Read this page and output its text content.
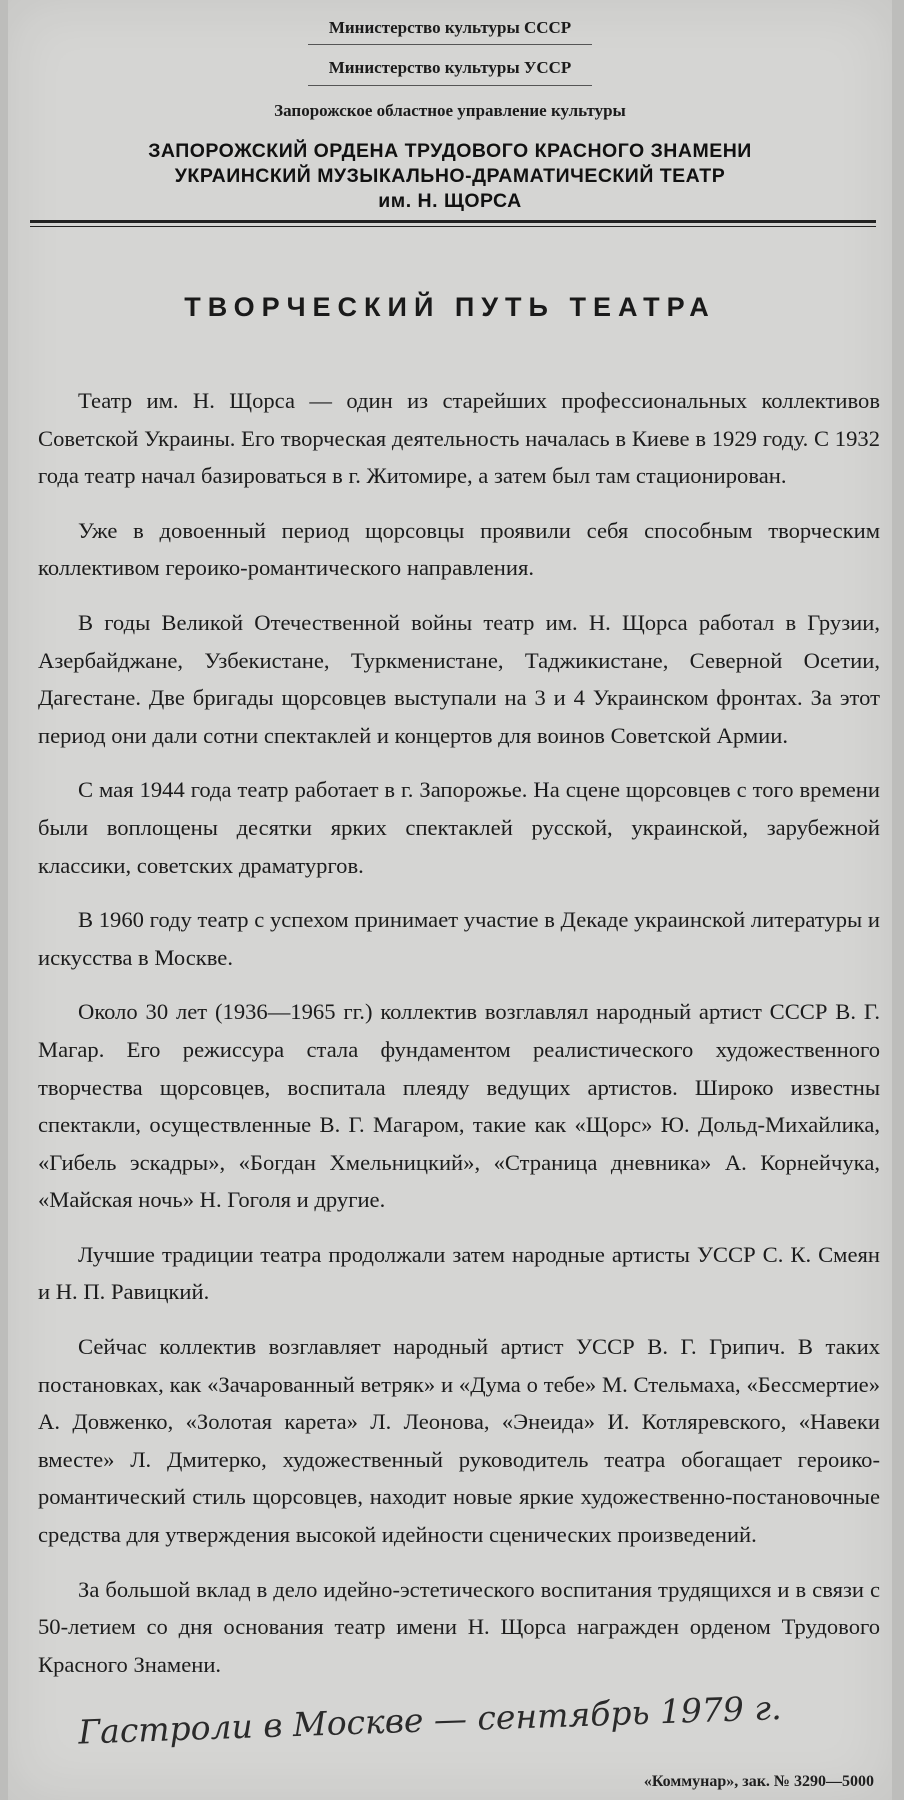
Министерство культуры СССР
Министерство культуры УССР
Запорожское областное управление культуры
ЗАПОРОЖСКИЙ ОРДЕНА ТРУДОВОГО КРАСНОГО ЗНАМЕНИ
УКРАИНСКИЙ МУЗЫКАЛЬНО-ДРАМАТИЧЕСКИЙ ТЕАТР
им. Н. ЩОРСА
ТВОРЧЕСКИЙ ПУТЬ ТЕАТРА

Театр им. Н. Щорса — один из старейших профессиональных коллективов Советской Украины. Его творческая деятельность началась в Киеве в 1929 году. С 1932 года театр начал базироваться в г. Житомире, а затем был там стационирован.

Уже в довоенный период щорсовцы проявили себя способным творческим коллективом героико-романтического направления.

В годы Великой Отечественной войны театр им. Н. Щорса работал в Грузии, Азербайджане, Узбекистане, Туркменистане, Таджикистане, Северной Осетии, Дагестане. Две бригады щорсовцев выступали на 3 и 4 Украинском фронтах. За этот период они дали сотни спектаклей и концертов для воинов Советской Армии.

С мая 1944 года театр работает в г. Запорожье. На сцене щорсовцев с того времени были воплощены десятки ярких спектаклей русской, украинской, зарубежной классики, советских драматургов.

В 1960 году театр с успехом принимает участие в Декаде украинской литературы и искусства в Москве.

Около 30 лет (1936—1965 гг.) коллектив возглавлял народный артист СССР В. Г. Магар. Его режиссура стала фундаментом реалистического художественного творчества щорсовцев, воспитала плеяду ведущих артистов. Широко известны спектакли, осуществленные В. Г. Магаром, такие как «Щорс» Ю. Дольд-Михайлика, «Гибель эскадры», «Богдан Хмельницкий», «Страница дневника» А. Корнейчука, «Майская ночь» Н. Гоголя и другие.

Лучшие традиции театра продолжали затем народные артисты УССР С. К. Смеян и Н. П. Равицкий.

Сейчас коллектив возглавляет народный артист УССР В. Г. Грипич. В таких постановках, как «Зачарованный ветряк» и «Дума о тебе» М. Стельмаха, «Бессмертие» А. Довженко, «Золотая карета» Л. Леонова, «Энеида» И. Котляревского, «Навеки вместе» Л. Дмитерко, художественный руководитель театра обогащает героико-романтический стиль щорсовцев, находит новые яркие художественно-постановочные средства для утверждения высокой идейности сценических произведений.

За большой вклад в дело идейно-эстетического воспитания трудящихся и в связи с 50-летием со дня основания театр имени Н. Щорса награжден орденом Трудового Красного Знамени.

Гастроли в Москве — сентябрь 1979 г.
«Коммунар», зак. № 3290—5000
